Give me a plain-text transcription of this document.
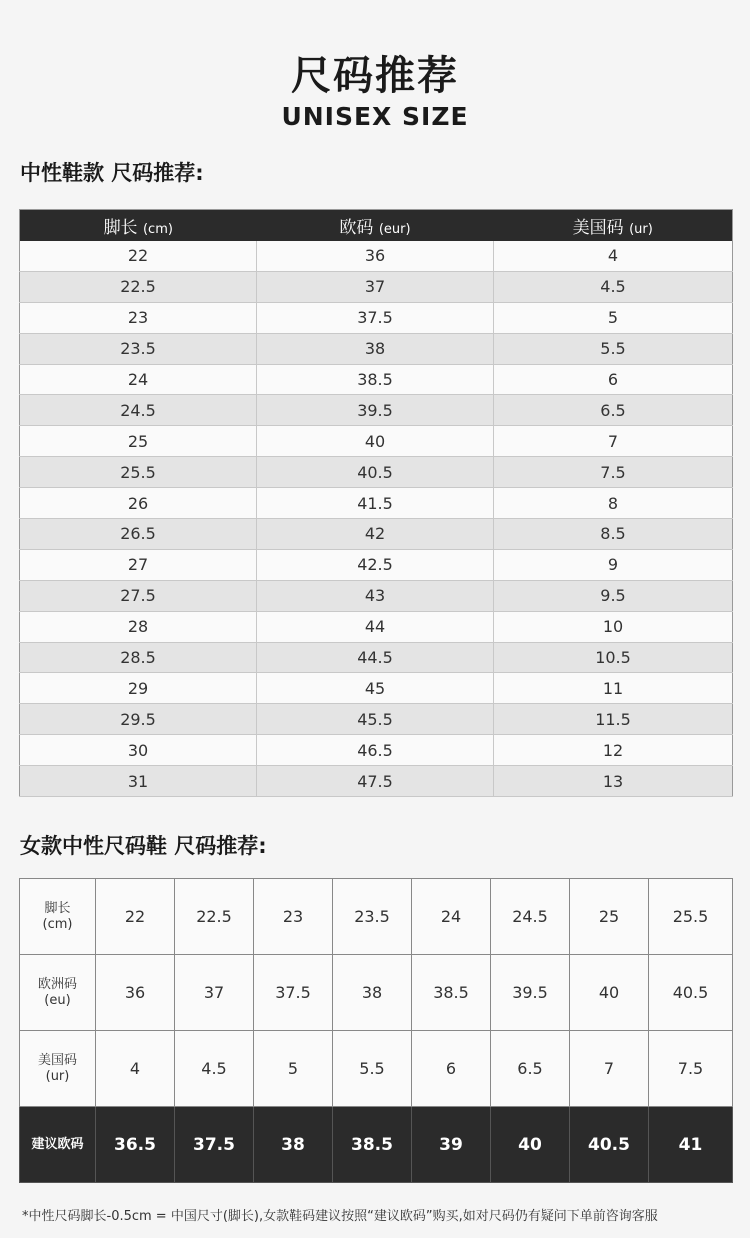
尺码推荐
UNISEX SIZE
中性鞋款 尺码推荐:
脚长 (cm)	欧码 (eur)	美国码 (ur)
22	36	4
22.5	37	4.5
23	37.5	5
23.5	38	5.5
24	38.5	6
24.5	39.5	6.5
25	40	7
25.5	40.5	7.5
26	41.5	8
26.5	42	8.5
27	42.5	9
27.5	43	9.5
28	44	10
28.5	44.5	10.5
29	45	11
29.5	45.5	11.5
30	46.5	12
31	47.5	13
女款中性尺码鞋 尺码推荐:
脚长
(cm)	22	22.5	23	23.5	24	24.5	25	25.5

欧洲码
(eu)	36	37	37.5	38	38.5	39.5	40	40.5

美国码
(ur)	4	4.5	5	5.5	6	6.5	7	7.5

建议欧码	36.5	37.5	38	38.5	39	40	40.5	41
*中性尺码脚长-0.5cm = 中国尺寸(脚长),女款鞋码建议按照“建议欧码”购买,如对尺码仍有疑问下单前咨询客服
